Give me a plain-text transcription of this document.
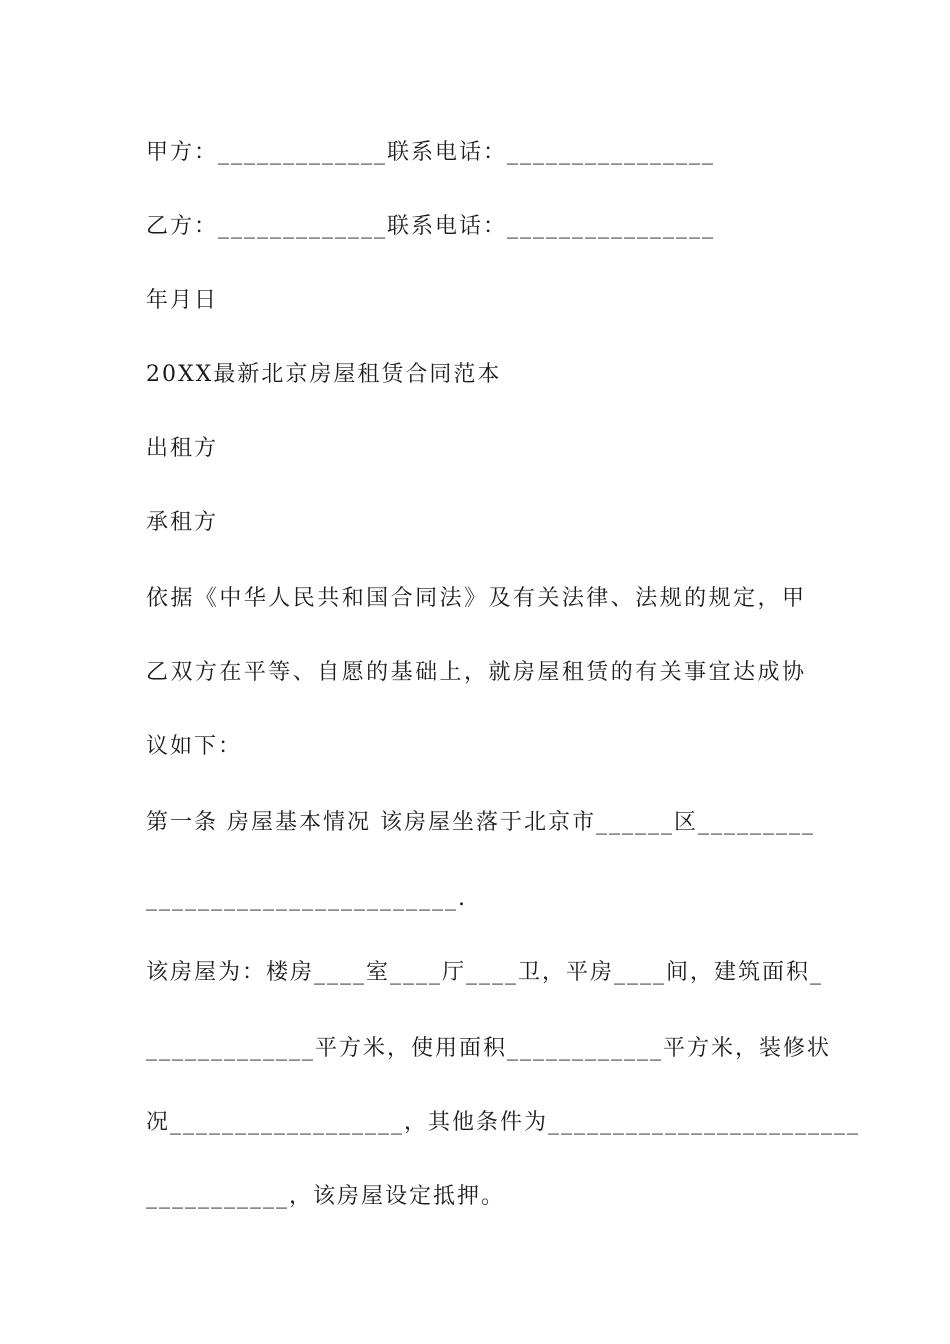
甲方：_____________联系电话：________________
乙方：_____________联系电话：________________
年月日
20XX最新北京房屋租赁合同范本
出租方
承租方
依据《中华人民共和国合同法》及有关法律、法规的规定，甲
乙双方在平等、自愿的基础上，就房屋租赁的有关事宜达成协
议如下：
第一条 房屋基本情况 该房屋坐落于北京市______区_________
________________________.
该房屋为：楼房____室____厅____卫，平房____间，建筑面积_
_____________平方米，使用面积____________平方米，装修状
况__________________，其他条件为________________________
___________，该房屋设定抵押。
